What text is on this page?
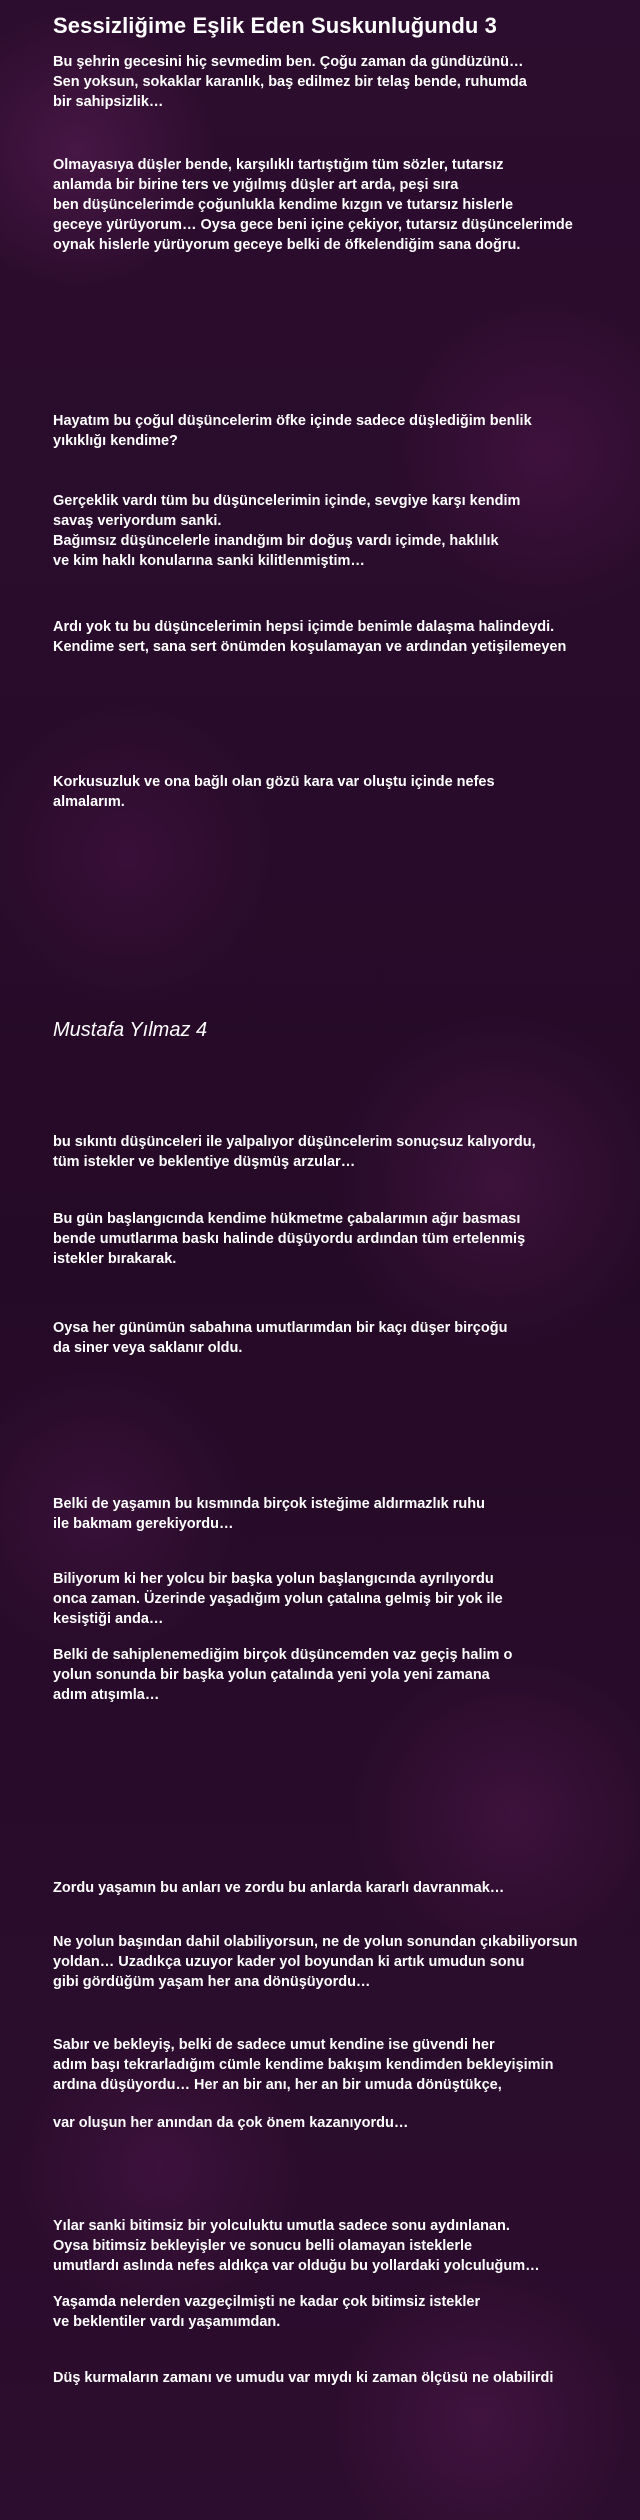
Sessizliğime Eşlik Eden Suskunluğundu 3
Bu şehrin gecesini hiç sevmedim ben. Çoğu zaman da gündüzünü…
Sen yoksun, sokaklar karanlık, baş edilmez bir telaş bende, ruhumda
bir sahipsizlik…
Olmayasıya düşler bende, karşılıklı tartıştığım tüm sözler, tutarsız
anlamda bir birine ters ve yığılmış düşler art arda, peşi sıra
ben düşüncelerimde çoğunlukla kendime kızgın ve tutarsız hislerle
geceye yürüyorum… Oysa gece beni içine çekiyor, tutarsız düşüncelerimde
oynak hislerle yürüyorum geceye belki de öfkelendiğim sana doğru.
Hayatım bu çoğul düşüncelerim öfke içinde sadece düşlediğim benlik
yıkıklığı kendime?
Gerçeklik vardı tüm bu düşüncelerimin içinde, sevgiye karşı kendim
savaş veriyordum sanki.
Bağımsız düşüncelerle inandığım bir doğuş vardı içimde, haklılık
ve kim haklı konularına sanki kilitlenmiştim…
Ardı yok tu bu düşüncelerimin hepsi içimde benimle dalaşma halindeydi.
Kendime sert, sana sert önümden koşulamayan ve ardından yetişilemeyen
Korkusuzluk ve ona bağlı olan gözü kara var oluştu içinde nefes
almalarım.
Mustafa Yılmaz 4
bu sıkıntı düşünceleri ile yalpalıyor düşüncelerim sonuçsuz kalıyordu,
tüm istekler ve beklentiye düşmüş arzular…
Bu gün başlangıcında kendime hükmetme çabalarımın ağır basması
bende umutlarıma baskı halinde düşüyordu ardından tüm ertelenmiş
istekler bırakarak.
Oysa her günümün sabahına umutlarımdan bir kaçı düşer birçoğu
da siner veya saklanır oldu.
Belki de yaşamın bu kısmında birçok isteğime aldırmazlık ruhu
ile bakmam gerekiyordu…
Biliyorum ki her yolcu bir başka yolun başlangıcında ayrılıyordu
onca zaman. Üzerinde yaşadığım yolun çatalına gelmiş bir yok ile
kesiştiği anda…
Belki de sahiplenemediğim birçok düşüncemden vaz geçiş halim o
yolun sonunda bir başka yolun çatalında yeni yola yeni zamana
adım atışımla…
Zordu yaşamın bu anları ve zordu bu anlarda kararlı davranmak…
Ne yolun başından dahil olabiliyorsun, ne de yolun sonundan çıkabiliyorsun
yoldan… Uzadıkça uzuyor kader yol boyundan ki artık umudun sonu
gibi gördüğüm yaşam her ana dönüşüyordu…
Sabır ve bekleyiş, belki de sadece umut kendine ise güvendi her
adım başı tekrarladığım cümle kendime bakışım kendimden bekleyişimin
ardına düşüyordu… Her an bir anı, her an bir umuda dönüştükçe,
var oluşun her anından da çok önem kazanıyordu…
Yılar sanki bitimsiz bir yolculuktu umutla sadece sonu aydınlanan.
Oysa bitimsiz bekleyişler ve sonucu belli olamayan isteklerle
umutlardı aslında nefes aldıkça var olduğu bu yollardaki yolculuğum…
Yaşamda nelerden vazgeçilmişti ne kadar çok bitimsiz istekler
ve beklentiler vardı yaşamımdan.
Düş kurmaların zamanı ve umudu var mıydı ki zaman ölçüsü ne olabilirdi
